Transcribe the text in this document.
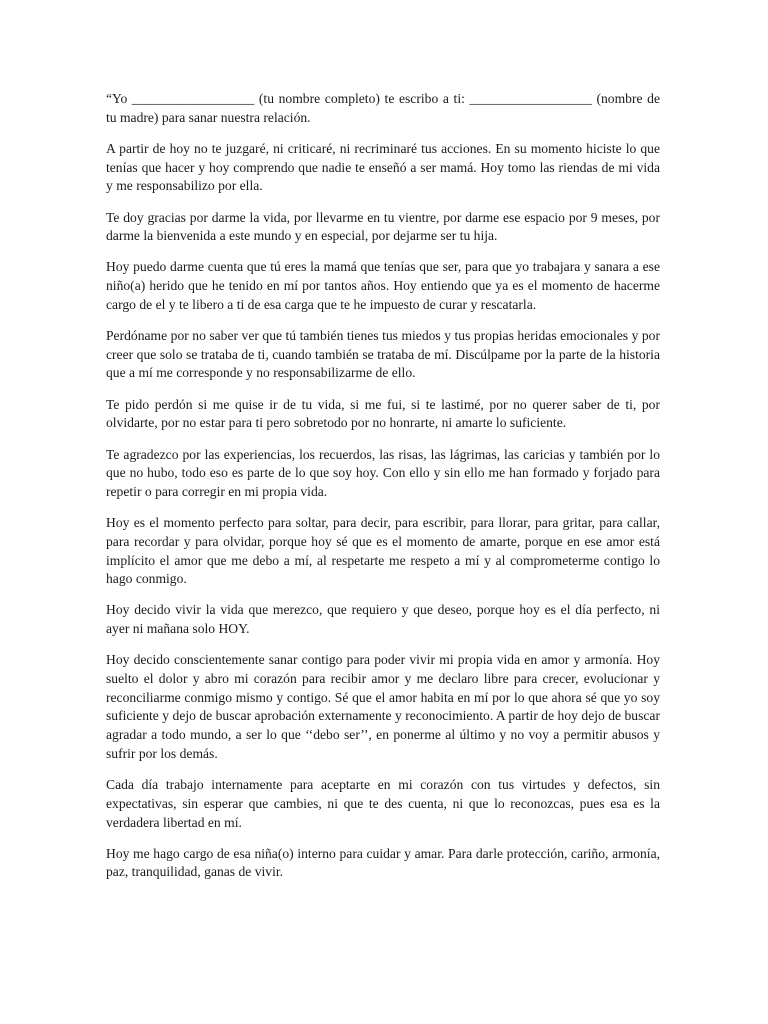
“Yo __________________ (tu nombre completo) te escribo a ti: __________________ (nombre de tu madre) para sanar nuestra relación.

A partir de hoy no te juzgaré, ni criticaré, ni recriminaré tus acciones. En su momento hiciste lo que tenías que hacer y hoy comprendo que nadie te enseñó a ser mamá. Hoy tomo las riendas de mi vida y me responsabilizo por ella.

Te doy gracias por darme la vida, por llevarme en tu vientre, por darme ese espacio por 9 meses, por darme la bienvenida a este mundo y en especial, por dejarme ser tu hija.

Hoy puedo darme cuenta que tú eres la mamá que tenías que ser, para que yo trabajara y sanara a ese niño(a) herido que he tenido en mí por tantos años. Hoy entiendo que ya es el momento de hacerme cargo de el y te libero a ti de esa carga que te he impuesto de curar y rescatarla.

Perdóname por no saber ver que tú también tienes tus miedos y tus propias heridas emocionales y por creer que solo se trataba de ti, cuando también se trataba de mí. Discúlpame por la parte de la historia que a mí me corresponde y no responsabilizarme de ello.

Te pido perdón si me quise ir de tu vida, si me fui, si te lastimé, por no querer saber de ti, por olvidarte, por no estar para ti pero sobretodo por no honrarte, ni amarte lo suficiente.

Te agradezco por las experiencias, los recuerdos, las risas, las lágrimas, las caricias y también por lo que no hubo, todo eso es parte de lo que soy hoy. Con ello y sin ello me han formado y forjado para repetir o para corregir en mi propia vida.

Hoy es el momento perfecto para soltar, para decir, para escribir, para llorar, para gritar, para callar, para recordar y para olvidar, porque hoy sé que es el momento de amarte, porque en ese amor está implícito el amor que me debo a mí, al respetarte me respeto a mí y al comprometerme contigo lo hago conmigo.

Hoy decido vivir la vida que merezco, que requiero y que deseo, porque hoy es el día perfecto, ni ayer ni mañana solo HOY.

Hoy decido conscientemente sanar contigo para poder vivir mi propia vida en amor y armonía. Hoy suelto el dolor y abro mi corazón para recibir amor y me declaro libre para crecer, evolucionar y reconciliarme conmigo mismo y contigo. Sé que el amor habita en mí por lo que ahora sé que yo soy suficiente y dejo de buscar aprobación externamente y reconocimiento. A partir de hoy dejo de buscar agradar a todo mundo, a ser lo que ‘‘debo ser’’, en ponerme al último y no voy a permitir abusos y sufrir por los demás.

Cada día trabajo internamente para aceptarte en mi corazón con tus virtudes y defectos, sin expectativas, sin esperar que cambies, ni que te des cuenta, ni que lo reconozcas, pues esa es la verdadera libertad en mí.

Hoy me hago cargo de esa niña(o) interno para cuidar y amar. Para darle protección, cariño, armonía, paz, tranquilidad, ganas de vivir.
